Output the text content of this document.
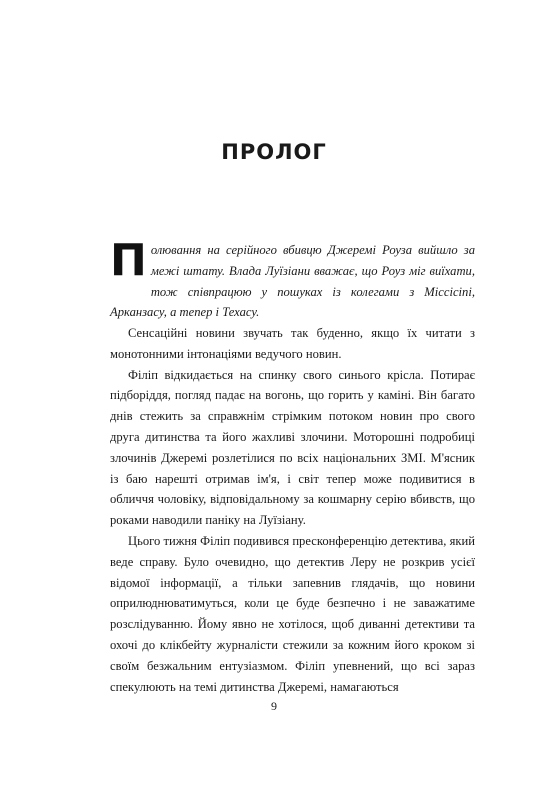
ПРОЛОГ
Полювання на серійного вбивцю Джеремі Роуза вийшло за межі штату. Влада Луїзіани вважає, що Роуз міг виїхати, тож співпрацюю у пошуках із колегами з Міссісіпі, Арканзасу, а тепер і Техасу.

Сенсаційні новини звучать так буденно, якщо їх читати з монотонними інтонаціями ведучого новин.

Філіп відкидається на спинку свого синього крісла. Потирає підборіддя, погляд падає на вогонь, що горить у каміні. Він багато днів стежить за справжнім стрімким потоком новин про свого друга дитинства та його жахливі злочини. Моторошні подробиці злочинів Джеремі розлетілися по всіх національних ЗМІ. М'ясник із баю нарешті отримав ім'я, і світ тепер може подивитися в обличчя чоловіку, відповідальному за кошмарну серію вбивств, що роками наводили паніку на Луїзіану.

Цього тижня Філіп подивився пресконференцію детектива, який веде справу. Було очевидно, що детектив Леру не розкрив усієї відомої інформації, а тільки запевнив глядачів, що новини оприлюднюватимуться, коли це буде безпечно і не заважатиме розслідуванню. Йому явно не хотілося, щоб диванні детективи та охочі до клікбейту журналісти стежили за кожним його кроком зі своїм безжальним ентузіазмом. Філіп упевнений, що всі зараз спекулюють на темі дитинства Джеремі, намагаються

9
